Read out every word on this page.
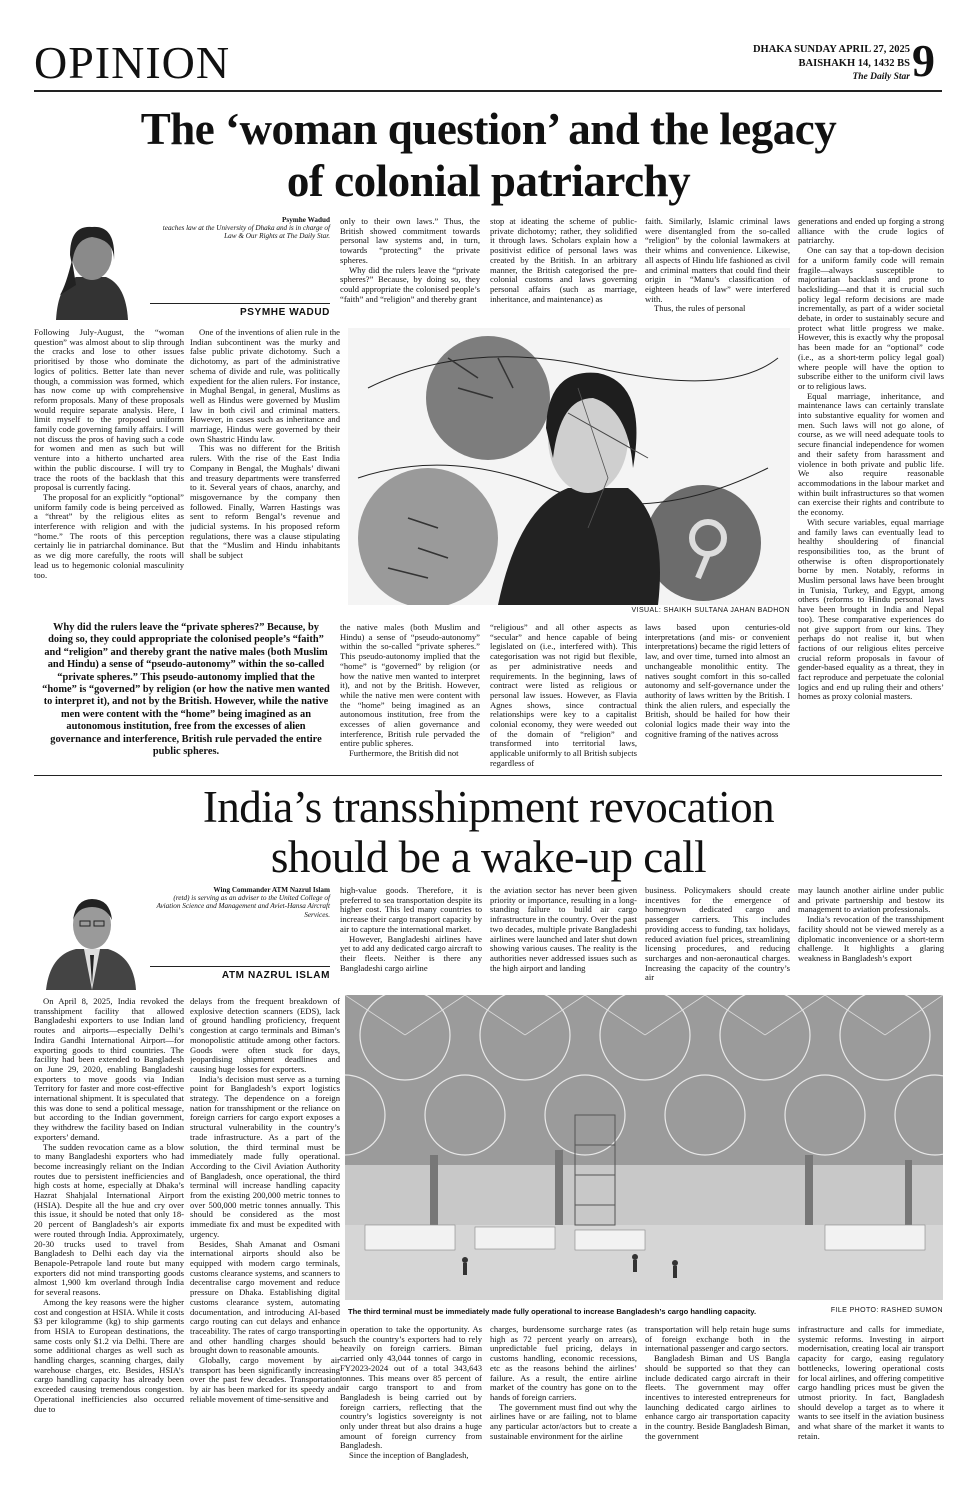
OPINION	DHAKA SUNDAY APRIL 27, 2025
BAISHAKH 14, 1432 BS
The Daily Star 9
The ‘woman question’ and the legacy
of colonial patriarchy
Psymhe Wadud
teaches law at the University of Dhaka and is in charge of Law & Our Rights at The Daily Star.
PSYMHE WADUD

only to their own laws.” Thus, the British showed commitment towards personal law systems and, in turn, towards “protecting” the private spheres.

Why did the rulers leave the “private spheres?” Because, by doing so, they could appropriate the colonised people’s “faith” and “religion” and thereby grant

stop at ideating the scheme of public-private dichotomy; rather, they solidified it through laws. Scholars explain how a positivist edifice of personal laws was created by the British. In an arbitrary manner, the British categorised the pre-colonial customs and laws governing personal affairs (such as marriage, inheritance, and maintenance) as

faith. Similarly, Islamic criminal laws were disentangled from the so-called “religion” by the colonial lawmakers at their whims and convenience. Likewise, all aspects of Hindu life fashioned as civil and criminal matters that could find their origin in “Manu’s classification of eighteen heads of law” were interfered with.

Thus, the rules of personal

generations and ended up forging a strong alliance with the crude logics of patriarchy.

One can say that a top-down decision for a uniform family code will remain fragile—always susceptible to majoritarian backlash and prone to backsliding—and that it is crucial such policy legal reform decisions are made incrementally, as part of a wider societal debate, in order to sustainably secure and protect what little progress we make. However, this is exactly why the proposal has been made for an “optional” code (i.e., as a short-term policy legal goal) where people will have the option to subscribe either to the uniform civil laws or to religious laws.

Equal marriage, inheritance, and maintenance laws can certainly translate into substantive equality for women and men. Such laws will not go alone, of course, as we will need adequate tools to secure financial independence for women and their safety from harassment and violence in both private and public life. We also require reasonable accommodations in the labour market and within built infrastructures so that women can exercise their rights and contribute to the economy.

With secure variables, equal marriage and family laws can eventually lead to healthy shouldering of financial responsibilities too, as the brunt of otherwise is often disproportionately borne by men. Notably, reforms in Muslim personal laws have been brought in Tunisia, Turkey, and Egypt, among others (reforms to Hindu personal laws have been brought in India and Nepal too). These comparative experiences do not give support from our kins. They perhaps do not realise it, but when factions of our religious elites perceive crucial reform proposals in favour of gender-based equality as a threat, they in fact reproduce and perpetuate the colonial logics and end up ruling their and others’ homes as proxy colonial masters.

Following July-August, the “woman question” was almost about to slip through the cracks and lose to other issues prioritised by those who dominate the logics of politics. Better late than never though, a commission was formed, which has now come up with comprehensive reform proposals. Many of these proposals would require separate analysis. Here, I limit myself to the proposed uniform family code governing family affairs. I will not discuss the pros of having such a code for women and men as such but will venture into a hitherto uncharted area within the public discourse. I will try to trace the roots of the backlash that this proposal is currently facing.

The proposal for an explicitly “optional” uniform family code is being perceived as a “threat” by the religious elites as interference with religion and with the “home.” The roots of this perception certainly lie in patriarchal dominance. But as we dig more carefully, the roots will lead us to hegemonic colonial masculinity too.

One of the inventions of alien rule in the Indian subcontinent was the murky and false public private dichotomy. Such a dichotomy, as part of the administrative schema of divide and rule, was politically expedient for the alien rulers. For instance, in Mughal Bengal, in general, Muslims as well as Hindus were governed by Muslim law in both civil and criminal matters. However, in cases such as inheritance and marriage, Hindus were governed by their own Shastric Hindu law.

This was no different for the British rulers. With the rise of the East India Company in Bengal, the Mughals’ diwani and treasury departments were transferred to it. Several years of chaos, anarchy, and misgovernance by the company then followed. Finally, Warren Hastings was sent to reform Bengal’s revenue and judicial systems. In his proposed reform regulations, there was a clause stipulating that the “Muslim and Hindu inhabitants shall be subject

VISUAL: SHAIKH SULTANA JAHAN BADHON
Why did the rulers leave the “private spheres?” Because, by doing so, they could appropriate the colonised people’s “faith” and “religion” and thereby grant the native males (both Muslim and Hindu) a sense of “pseudo-autonomy” within the so-called “private spheres.” This pseudo-autonomy implied that the “home” is “governed” by religion (or how the native men wanted to interpret it), and not by the British. However, while the native men were content with the “home” being imagined as an autonomous institution, free from the excesses of alien governance and interference, British rule pervaded the entire public spheres.

the native males (both Muslim and Hindu) a sense of “pseudo-autonomy” within the so-called “private spheres.” This pseudo-autonomy implied that the “home” is “governed” by religion (or how the native men wanted to interpret it), and not by the British. However, while the native men were content with the “home” being imagined as an autonomous institution, free from the excesses of alien governance and interference, British rule pervaded the entire public spheres.

Furthermore, the British did not

“religious” and all other aspects as “secular” and hence capable of being legislated on (i.e., interfered with). This categorisation was not rigid but flexible, as per administrative needs and requirements. In the beginning, laws of contract were listed as religious or personal law issues. However, as Flavia Agnes shows, since contractual relationships were key to a capitalist colonial economy, they were weeded out of the domain of “religion” and transformed into territorial laws, applicable uniformly to all British subjects regardless of

laws based upon centuries-old interpretations (and mis- or convenient interpretations) became the rigid letters of law, and over time, turned into almost an unchangeable monolithic entity. The natives sought comfort in this so-called autonomy and self-governance under the authority of laws written by the British. I think the alien rulers, and especially the British, should be hailed for how their colonial logics made their way into the cognitive framing of the natives across

India’s transshipment revocation
should be a wake-up call
Wing Commander ATM Nazrul Islam
(retd) is serving as an adviser to the United College of Aviation Science and Management and Aviet-Hansa Aircraft Services.
ATM NAZRUL ISLAM

high-value goods. Therefore, it is preferred to sea transportation despite its higher cost. This led many countries to increase their cargo transport capacity by air to capture the international market.

However, Bangladeshi airlines have yet to add any dedicated cargo aircraft to their fleets. Neither is there any Bangladeshi cargo airline

the aviation sector has never been given priority or importance, resulting in a long-standing failure to build air cargo infrastructure in the country. Over the past two decades, multiple private Bangladeshi airlines were launched and later shut down showing various causes. The reality is the authorities never addressed issues such as the high airport and landing

business. Policymakers should create incentives for the emergence of homegrown dedicated cargo and passenger carriers. This includes providing access to funding, tax holidays, reduced aviation fuel prices, streamlining licensing procedures, and reducing surcharges and non-aeronautical charges. Increasing the capacity of the country’s air

may launch another airline under public and private partnership and bestow its management to aviation professionals.

India’s revocation of the transshipment facility should not be viewed merely as a diplomatic inconvenience or a short-term challenge. It highlights a glaring weakness in Bangladesh’s export

On April 8, 2025, India revoked the transshipment facility that allowed Bangladeshi exporters to use Indian land routes and airports—especially Delhi’s Indira Gandhi International Airport—for exporting goods to third countries. The facility had been extended to Bangladesh on June 29, 2020, enabling Bangladeshi exporters to move goods via Indian Territory for faster and more cost-effective international shipment. It is speculated that this was done to send a political message, but according to the Indian government, they withdrew the facility based on Indian exporters’ demand.

The sudden revocation came as a blow to many Bangladeshi exporters who had become increasingly reliant on the Indian routes due to persistent inefficiencies and high costs at home, especially at Dhaka’s Hazrat Shahjalal International Airport (HSIA). Despite all the hue and cry over this issue, it should be noted that only 18-20 percent of Bangladesh’s air exports were routed through India. Approximately, 20-30 trucks used to travel from Bangladesh to Delhi each day via the Benapole-Petrapole land route but many exporters did not mind transporting goods almost 1,900 km overland through India for several reasons.

Among the key reasons were the higher cost and congestion at HSIA. While it costs $3 per kilogramme (kg) to ship garments from HSIA to European destinations, the same costs only $1.2 via Delhi. There are some additional charges as well such as handling charges, scanning charges, daily warehouse charges, etc. Besides, HSIA’s cargo handling capacity has already been exceeded causing tremendous congestion. Operational inefficiencies also occurred due to

delays from the frequent breakdown of explosive detection scanners (EDS), lack of ground handling proficiency, frequent congestion at cargo terminals and Biman’s monopolistic attitude among other factors. Goods were often stuck for days, jeopardising shipment deadlines and causing huge losses for exporters.

India’s decision must serve as a turning point for Bangladesh’s export logistics strategy. The dependence on a foreign nation for transshipment or the reliance on foreign carriers for cargo export exposes a structural vulnerability in the country’s trade infrastructure. As a part of the solution, the third terminal must be immediately made fully operational. According to the Civil Aviation Authority of Bangladesh, once operational, the third terminal will increase handling capacity from the existing 200,000 metric tonnes to over 500,000 metric tonnes annually. This should be considered as the most immediate fix and must be expedited with urgency.

Besides, Shah Amanat and Osmani international airports should also be equipped with modern cargo terminals, customs clearance systems, and scanners to decentralise cargo movement and reduce pressure on Dhaka. Establishing digital customs clearance system, automating documentation, and introducing AI-based cargo routing can cut delays and enhance traceability. The rates of cargo transporting and other handling charges should be brought down to reasonable amounts.

Globally, cargo movement by air transport has been significantly increasing over the past few decades. Transportation by air has been marked for its speedy and reliable movement of time-sensitive and

The third terminal must be immediately made fully operational to increase Bangladesh’s cargo handling capacity.	FILE PHOTO: RASHED SUMON

in operation to take the opportunity. As such the country’s exporters had to rely heavily on foreign carriers. Biman carried only 43,044 tonnes of cargo in FY2023-2024 out of a total 343,643 tonnes. This means over 85 percent of air cargo transport to and from Bangladesh is being carried out by foreign carriers, reflecting that the country’s logistics sovereignty is not only under threat but also drains a huge amount of foreign currency from Bangladesh.

Since the inception of Bangladesh,

charges, burdensome surcharge rates (as high as 72 percent yearly on arrears), unpredictable fuel pricing, delays in customs handling, economic recessions, etc as the reasons behind the airlines’ failure. As a result, the entire airline market of the country has gone on to the hands of foreign carriers.

The government must find out why the airlines have or are failing, not to blame any particular actor/actors but to create a sustainable environment for the airline

transportation will help retain huge sums of foreign exchange both in the international passenger and cargo sectors.

Bangladesh Biman and US Bangla should be supported so that they can include dedicated cargo aircraft in their fleets. The government may offer incentives to interested entrepreneurs for launching dedicated cargo airlines to enhance cargo air transportation capacity in the country. Beside Bangladesh Biman, the government

infrastructure and calls for immediate, systemic reforms. Investing in airport modernisation, creating local air transport capacity for cargo, easing regulatory bottlenecks, lowering operational costs for local airlines, and offering competitive cargo handling prices must be given the utmost priority. In fact, Bangladesh should develop a target as to where it wants to see itself in the aviation business and what share of the market it wants to retain.
